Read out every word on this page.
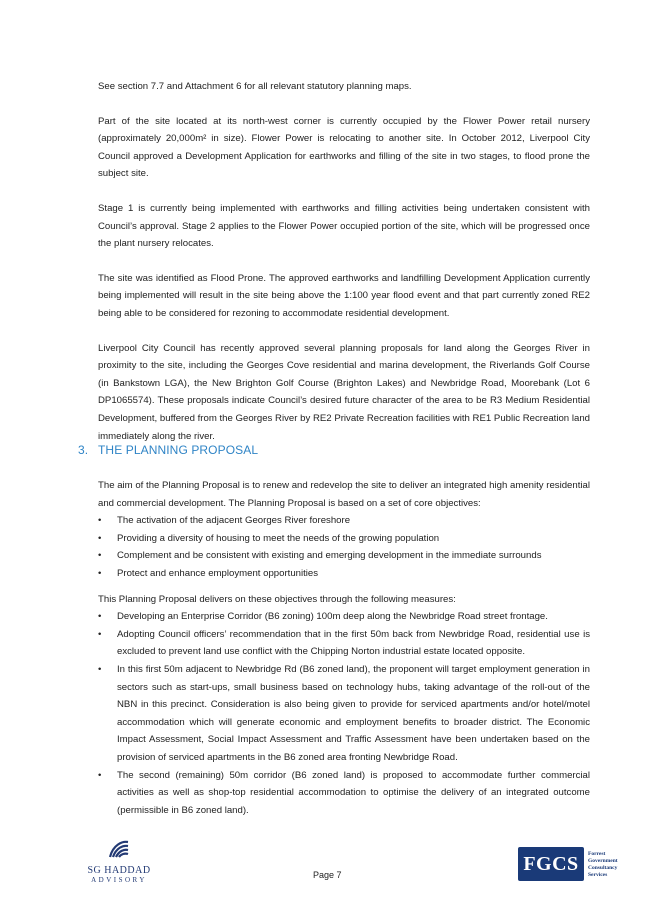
See section 7.7 and Attachment 6 for all relevant statutory planning maps.

Part of the site located at its north-west corner is currently occupied by the Flower Power retail nursery (approximately 20,000m² in size). Flower Power is relocating to another site. In October 2012, Liverpool City Council approved a Development Application for earthworks and filling of the site in two stages, to flood prone the subject site.

Stage 1 is currently being implemented with earthworks and filling activities being undertaken consistent with Council’s approval. Stage 2 applies to the Flower Power occupied portion of the site, which will be progressed once the plant nursery relocates.

The site was identified as Flood Prone. The approved earthworks and landfilling Development Application currently being implemented will result in the site being above the 1:100 year flood event and that part currently zoned RE2 being able to be considered for rezoning to accommodate residential development.

Liverpool City Council has recently approved several planning proposals for land along the Georges River in proximity to the site, including the Georges Cove residential and marina development, the Riverlands Golf Course (in Bankstown LGA), the New Brighton Golf Course (Brighton Lakes) and Newbridge Road, Moorebank (Lot 6 DP1065574). These proposals indicate Council’s desired future character of the area to be R3 Medium Residential Development, buffered from the Georges River by RE2 Private Recreation facilities with RE1 Public Recreation land immediately along the river.

3. THE PLANNING PROPOSAL

The aim of the Planning Proposal is to renew and redevelop the site to deliver an integrated high amenity residential and commercial development. The Planning Proposal is based on a set of core objectives:

• The activation of the adjacent Georges River foreshore
• Providing a diversity of housing to meet the needs of the growing population
• Complement and be consistent with existing and emerging development in the immediate surrounds
• Protect and enhance employment opportunities

This Planning Proposal delivers on these objectives through the following measures:

• Developing an Enterprise Corridor (B6 zoning) 100m deep along the Newbridge Road street frontage.
• Adopting Council officers’ recommendation that in the first 50m back from Newbridge Road, residential use is excluded to prevent land use conflict with the Chipping Norton industrial estate located opposite.
• In this first 50m adjacent to Newbridge Rd (B6 zoned land), the proponent will target employment generation in sectors such as start-ups, small business based on technology hubs, taking advantage of the roll-out of the NBN in this precinct. Consideration is also being given to provide for serviced apartments and/or hotel/motel accommodation which will generate economic and employment benefits to broader district. The Economic Impact Assessment, Social Impact Assessment and Traffic Assessment have been undertaken based on the provision of serviced apartments in the B6 zoned area fronting Newbridge Road.
• The second (remaining) 50m corridor (B6 zoned land) is proposed to accommodate further commercial activities as well as shop-top residential accommodation to optimise the delivery of an integrated outcome (permissible in B6 zoned land).
SG HADDAD
ADVISORY	Page 7	FGCS	Forrest
Government
Consultancy
Services
